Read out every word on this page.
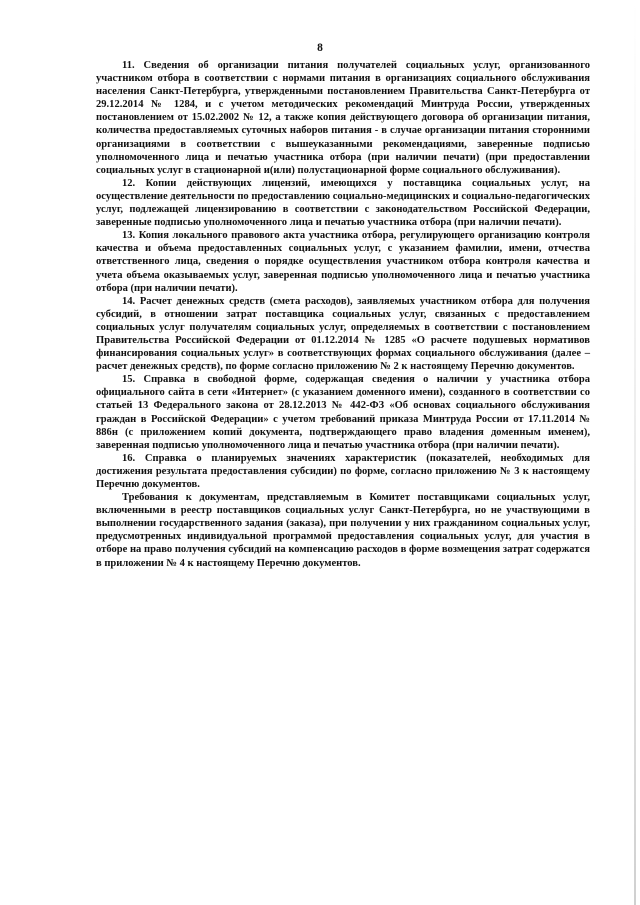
8

11. Сведения об организации питания получателей социальных услуг, организованного участником отбора в соответствии с нормами питания в организациях социального обслуживания населения Санкт-Петербурга, утвержденными постановлением Правительства Санкт-Петербурга от 29.12.2014 № 1284, и с учетом методических рекомендаций Минтруда России, утвержденных постановлением от 15.02.2002 № 12, а также копия действующего договора об организации питания, количества предоставляемых суточных наборов питания - в случае организации питания сторонними организациями в соответствии с вышеуказанными рекомендациями, заверенные подписью уполномоченного лица и печатью участника отбора (при наличии печати) (при предоставлении социальных услуг в стационарной и(или) полустационарной форме социального обслуживания).

12. Копии действующих лицензий, имеющихся у поставщика социальных услуг, на осуществление деятельности по предоставлению социально-медицинских и социально-педагогических услуг, подлежащей лицензированию в соответствии с законодательством Российской Федерации, заверенные подписью уполномоченного лица и печатью участника отбора (при наличии печати).

13. Копия локального правового акта участника отбора, регулирующего организацию контроля качества и объема предоставленных социальных услуг, с указанием фамилии, имени, отчества ответственного лица, сведения о порядке осуществления участником отбора контроля качества и учета объема оказываемых услуг, заверенная подписью уполномоченного лица и печатью участника отбора (при наличии печати).

14. Расчет денежных средств (смета расходов), заявляемых участником отбора для получения субсидий, в отношении затрат поставщика социальных услуг, связанных с предоставлением социальных услуг получателям социальных услуг, определяемых в соответствии с постановлением Правительства Российской Федерации от 01.12.2014 № 1285 «О расчете подушевых нормативов финансирования социальных услуг» в соответствующих формах социального обслуживания (далее – расчет денежных средств), по форме согласно приложению № 2 к настоящему Перечню документов.

15. Справка в свободной форме, содержащая сведения о наличии у участника отбора официального сайта в сети «Интернет» (с указанием доменного имени), созданного в соответствии со статьей 13 Федерального закона от 28.12.2013 № 442-ФЗ «Об основах социального обслуживания граждан в Российской Федерации» с учетом требований приказа Минтруда России от 17.11.2014 № 886н (с приложением копий документа, подтверждающего право владения доменным именем), заверенная подписью уполномоченного лица и печатью участника отбора (при наличии печати).

16. Справка о планируемых значениях характеристик (показателей, необходимых для достижения результата предоставления субсидии) по форме, согласно приложению № 3 к настоящему Перечню документов.

Требования к документам, представляемым в Комитет поставщиками социальных услуг, включенными в реестр поставщиков социальных услуг Санкт-Петербурга, но не участвующими в выполнении государственного задания (заказа), при получении у них гражданином социальных услуг, предусмотренных индивидуальной программой предоставления социальных услуг, для участия в отборе на право получения субсидий на компенсацию расходов в форме возмещения затрат содержатся в приложении № 4 к настоящему Перечню документов.
